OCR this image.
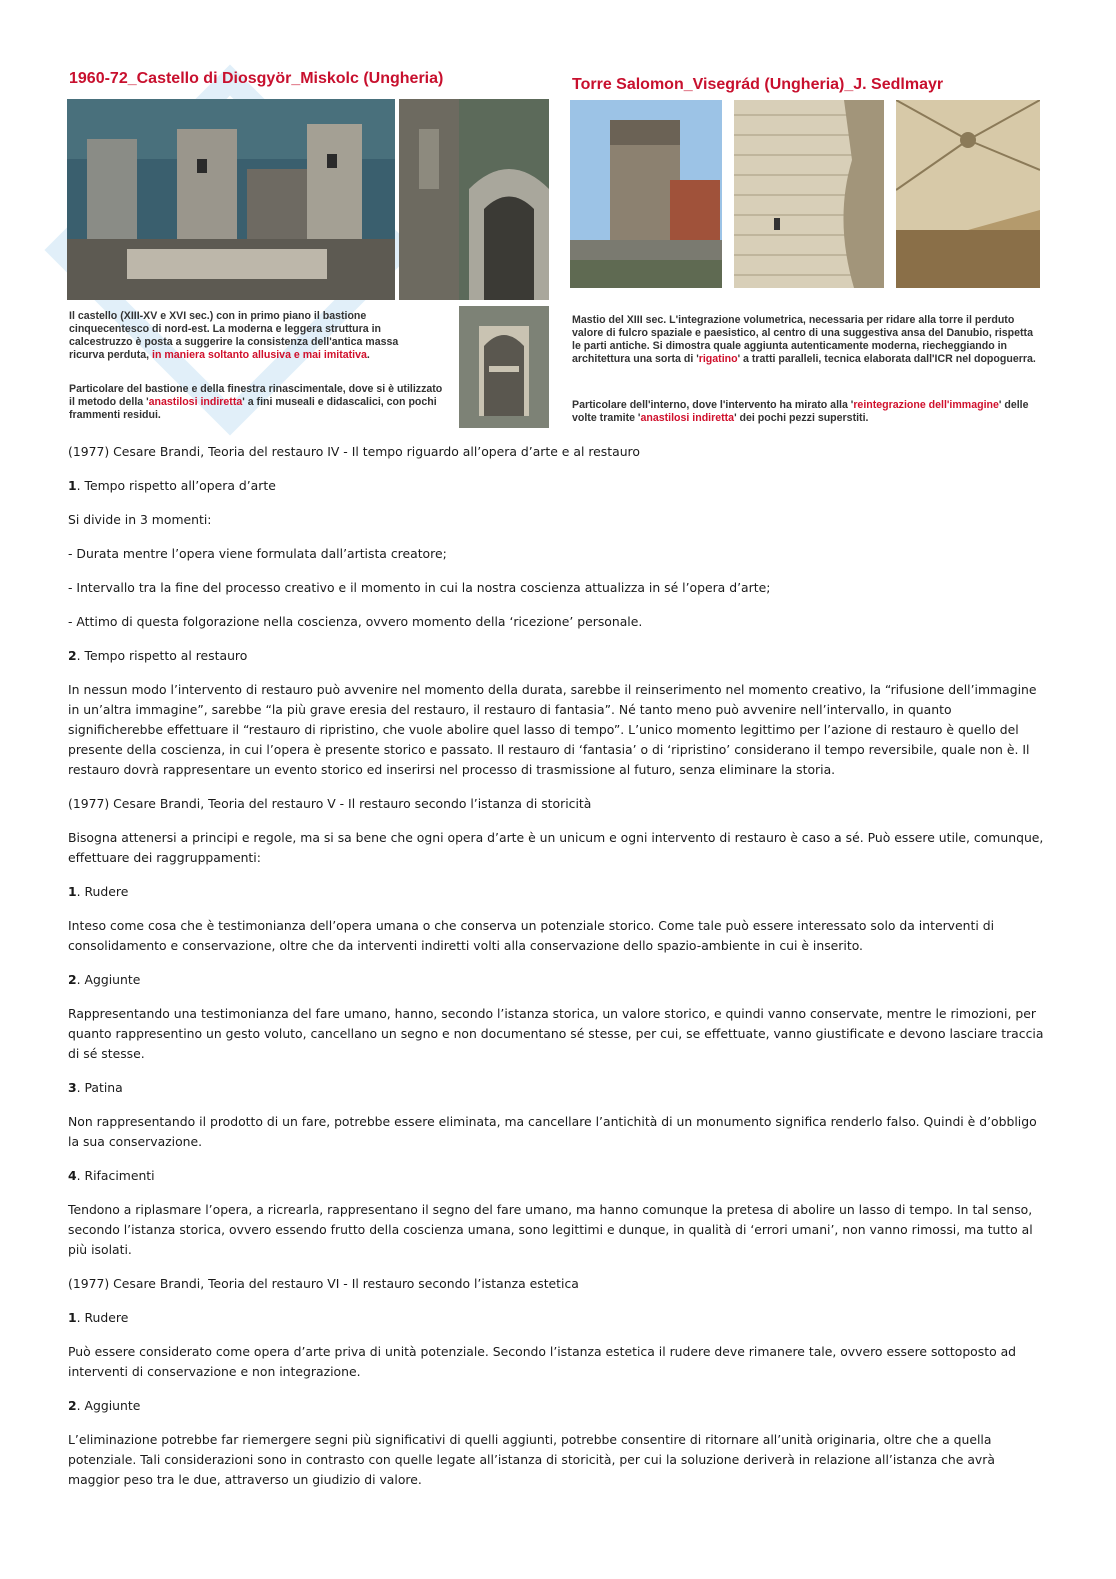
1960-72_Castello di Diosgyör_Miskolc (Ungheria)
Il castello (XIII-XV e XVI sec.) con in primo piano il bastione cinquecentesco di nord-est. La moderna e leggera struttura in calcestruzzo è posta a suggerire la consistenza dell'antica massa ricurva perduta, in maniera soltanto allusiva e mai imitativa.
Particolare del bastione e della finestra rinascimentale, dove si è utilizzato il metodo della 'anastilosi indiretta' a fini museali e didascalici, con pochi frammenti residui.
Torre Salomon_Visegrád (Ungheria)_J. Sedlmayr
Mastio del XIII sec. L'integrazione volumetrica, necessaria per ridare alla torre il perduto valore di fulcro spaziale e paesistico, al centro di una suggestiva ansa del Danubio, rispetta le parti antiche. Si dimostra quale aggiunta autenticamente moderna, riecheggiando in architettura una sorta di 'rigatino' a tratti paralleli, tecnica elaborata dall'ICR nel dopoguerra.
Particolare dell'interno, dove l'intervento ha mirato alla 'reintegrazione dell'immagine' delle volte tramite 'anastilosi indiretta' dei pochi pezzi superstiti.

(1977) Cesare Brandi, Teoria del restauro IV - Il tempo riguardo all’opera d’arte e al restauro

1. Tempo rispetto all’opera d’arte

Si divide in 3 momenti:

- Durata mentre l’opera viene formulata dall’artista creatore;

- Intervallo tra la fine del processo creativo e il momento in cui la nostra coscienza attualizza in sé l’opera d’arte;

- Attimo di questa folgorazione nella coscienza, ovvero momento della ‘ricezione’ personale.

2. Tempo rispetto al restauro

In nessun modo l’intervento di restauro può avvenire nel momento della durata, sarebbe il reinserimento nel momento creativo, la “rifusione dell’immagine in un’altra immagine”, sarebbe “la più grave eresia del restauro, il restauro di fantasia”. Né tanto meno può avvenire nell’intervallo, in quanto significherebbe effettuare il “restauro di ripristino, che vuole abolire quel lasso di tempo”. L’unico momento legittimo per l’azione di restauro è quello del presente della coscienza, in cui l’opera è presente storico e passato. Il restauro di ‘fantasia’ o di ‘ripristino’ considerano il tempo reversibile, quale non è. Il restauro dovrà rappresentare un evento storico ed inserirsi nel processo di trasmissione al futuro, senza eliminare la storia.

(1977) Cesare Brandi, Teoria del restauro V - Il restauro secondo l’istanza di storicità

Bisogna attenersi a principi e regole, ma si sa bene che ogni opera d’arte è un unicum e ogni intervento di restauro è caso a sé. Può essere utile, comunque, effettuare dei raggruppamenti:

1. Rudere

Inteso come cosa che è testimonianza dell’opera umana o che conserva un potenziale storico. Come tale può essere interessato solo da interventi di consolidamento e conservazione, oltre che da interventi indiretti volti alla conservazione dello spazio-ambiente in cui è inserito.

2. Aggiunte

Rappresentando una testimonianza del fare umano, hanno, secondo l’istanza storica, un valore storico, e quindi vanno conservate, mentre le rimozioni, per quanto rappresentino un gesto voluto, cancellano un segno e non documentano sé stesse, per cui, se effettuate, vanno giustificate e devono lasciare traccia di sé stesse.

3. Patina

Non rappresentando il prodotto di un fare, potrebbe essere eliminata, ma cancellare l’antichità di un monumento significa renderlo falso. Quindi è d’obbligo la sua conservazione.

4. Rifacimenti

Tendono a riplasmare l’opera, a ricrearla, rappresentano il segno del fare umano, ma hanno comunque la pretesa di abolire un lasso di tempo. In tal senso, secondo l’istanza storica, ovvero essendo frutto della coscienza umana, sono legittimi e dunque, in qualità di ‘errori umani’, non vanno rimossi, ma tutto al più isolati.

(1977) Cesare Brandi, Teoria del restauro VI - Il restauro secondo l’istanza estetica

1. Rudere

Può essere considerato come opera d’arte priva di unità potenziale. Secondo l’istanza estetica il rudere deve rimanere tale, ovvero essere sottoposto ad interventi di conservazione e non integrazione.

2. Aggiunte

L’eliminazione potrebbe far riemergere segni più significativi di quelli aggiunti, potrebbe consentire di ritornare all’unità originaria, oltre che a quella potenziale. Tali considerazioni sono in contrasto con quelle legate all’istanza di storicità, per cui la soluzione deriverà in relazione all’istanza che avrà maggior peso tra le due, attraverso un giudizio di valore.
